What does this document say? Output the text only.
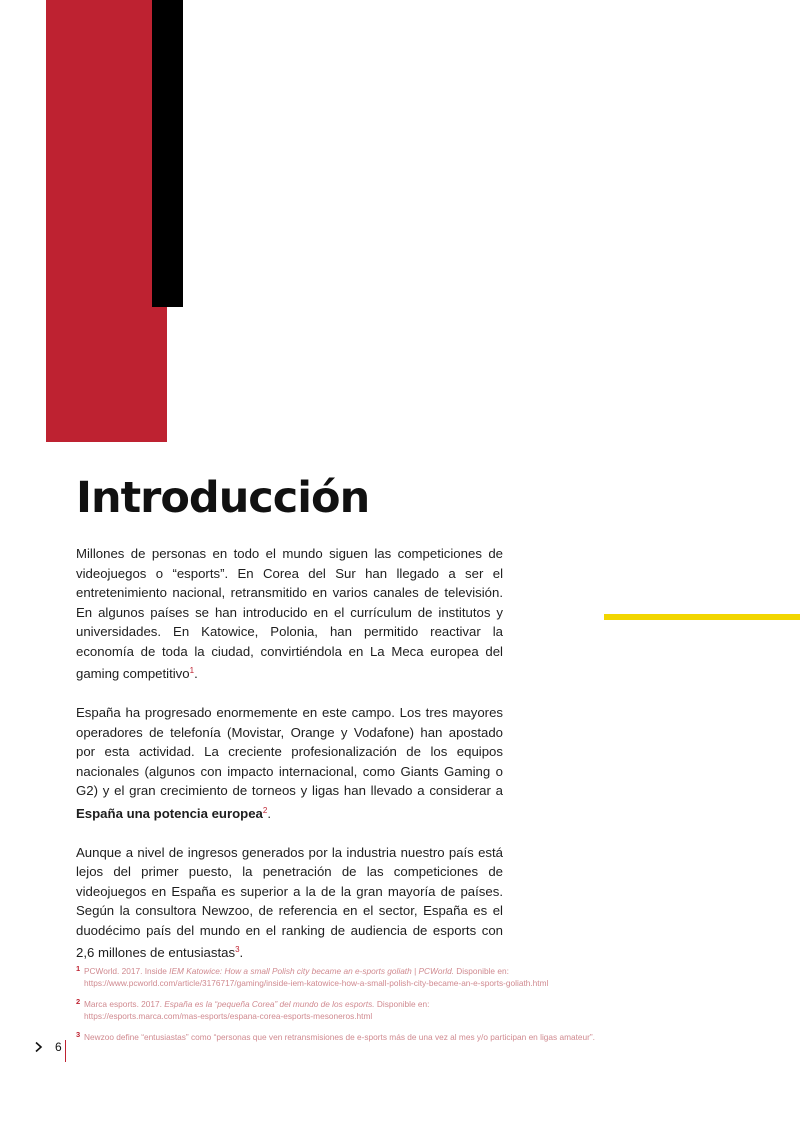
Introducción

Millones de personas en todo el mundo siguen las competiciones de videojuegos o “esports”. En Corea del Sur han llegado a ser el entretenimiento nacional, retransmitido en varios canales de televisión. En algunos países se han introducido en el currículum de institutos y universidades. En Katowice, Polonia, han permitido reactivar la economía de toda la ciudad, convirtiéndola en La Meca europea del gaming competitivo$^1$.

España ha progresado enormemente en este campo. Los tres mayores operadores de telefonía (Movistar, Orange y Vodafone) han apostado por esta actividad. La creciente profesionalización de los equipos nacionales (algunos con impacto internacional, como Giants Gaming o G2) y el gran crecimiento de torneos y ligas han llevado a considerar a España una potencia europea$^2$.

Aunque a nivel de ingresos generados por la industria nuestro país está lejos del primer puesto, la penetración de las competiciones de videojuegos en España es superior a la de la gran mayoría de países. Según la consultora Newzoo, de referencia en el sector, España es el duodécimo país del mundo en el ranking de audiencia de esports con 2,6 millones de entusiastas$^3$.

1 PCWorld. 2017. Inside IEM Katowice: How a small Polish city became an e-sports goliath | PCWorld. Disponible en:
https://www.pcworld.com/article/3176717/gaming/inside-iem-katowice-how-a-small-polish-city-became-an-e-sports-goliath.html
2 Marca esports. 2017. España es la “pequeña Corea” del mundo de los esports. Disponible en:
https://esports.marca.com/mas-esports/espana-corea-esports-mesoneros.html
3 Newzoo define “entusiastas” como “personas que ven retransmisiones de e-sports más de una vez al mes y/o participan en ligas amateur”.
6
